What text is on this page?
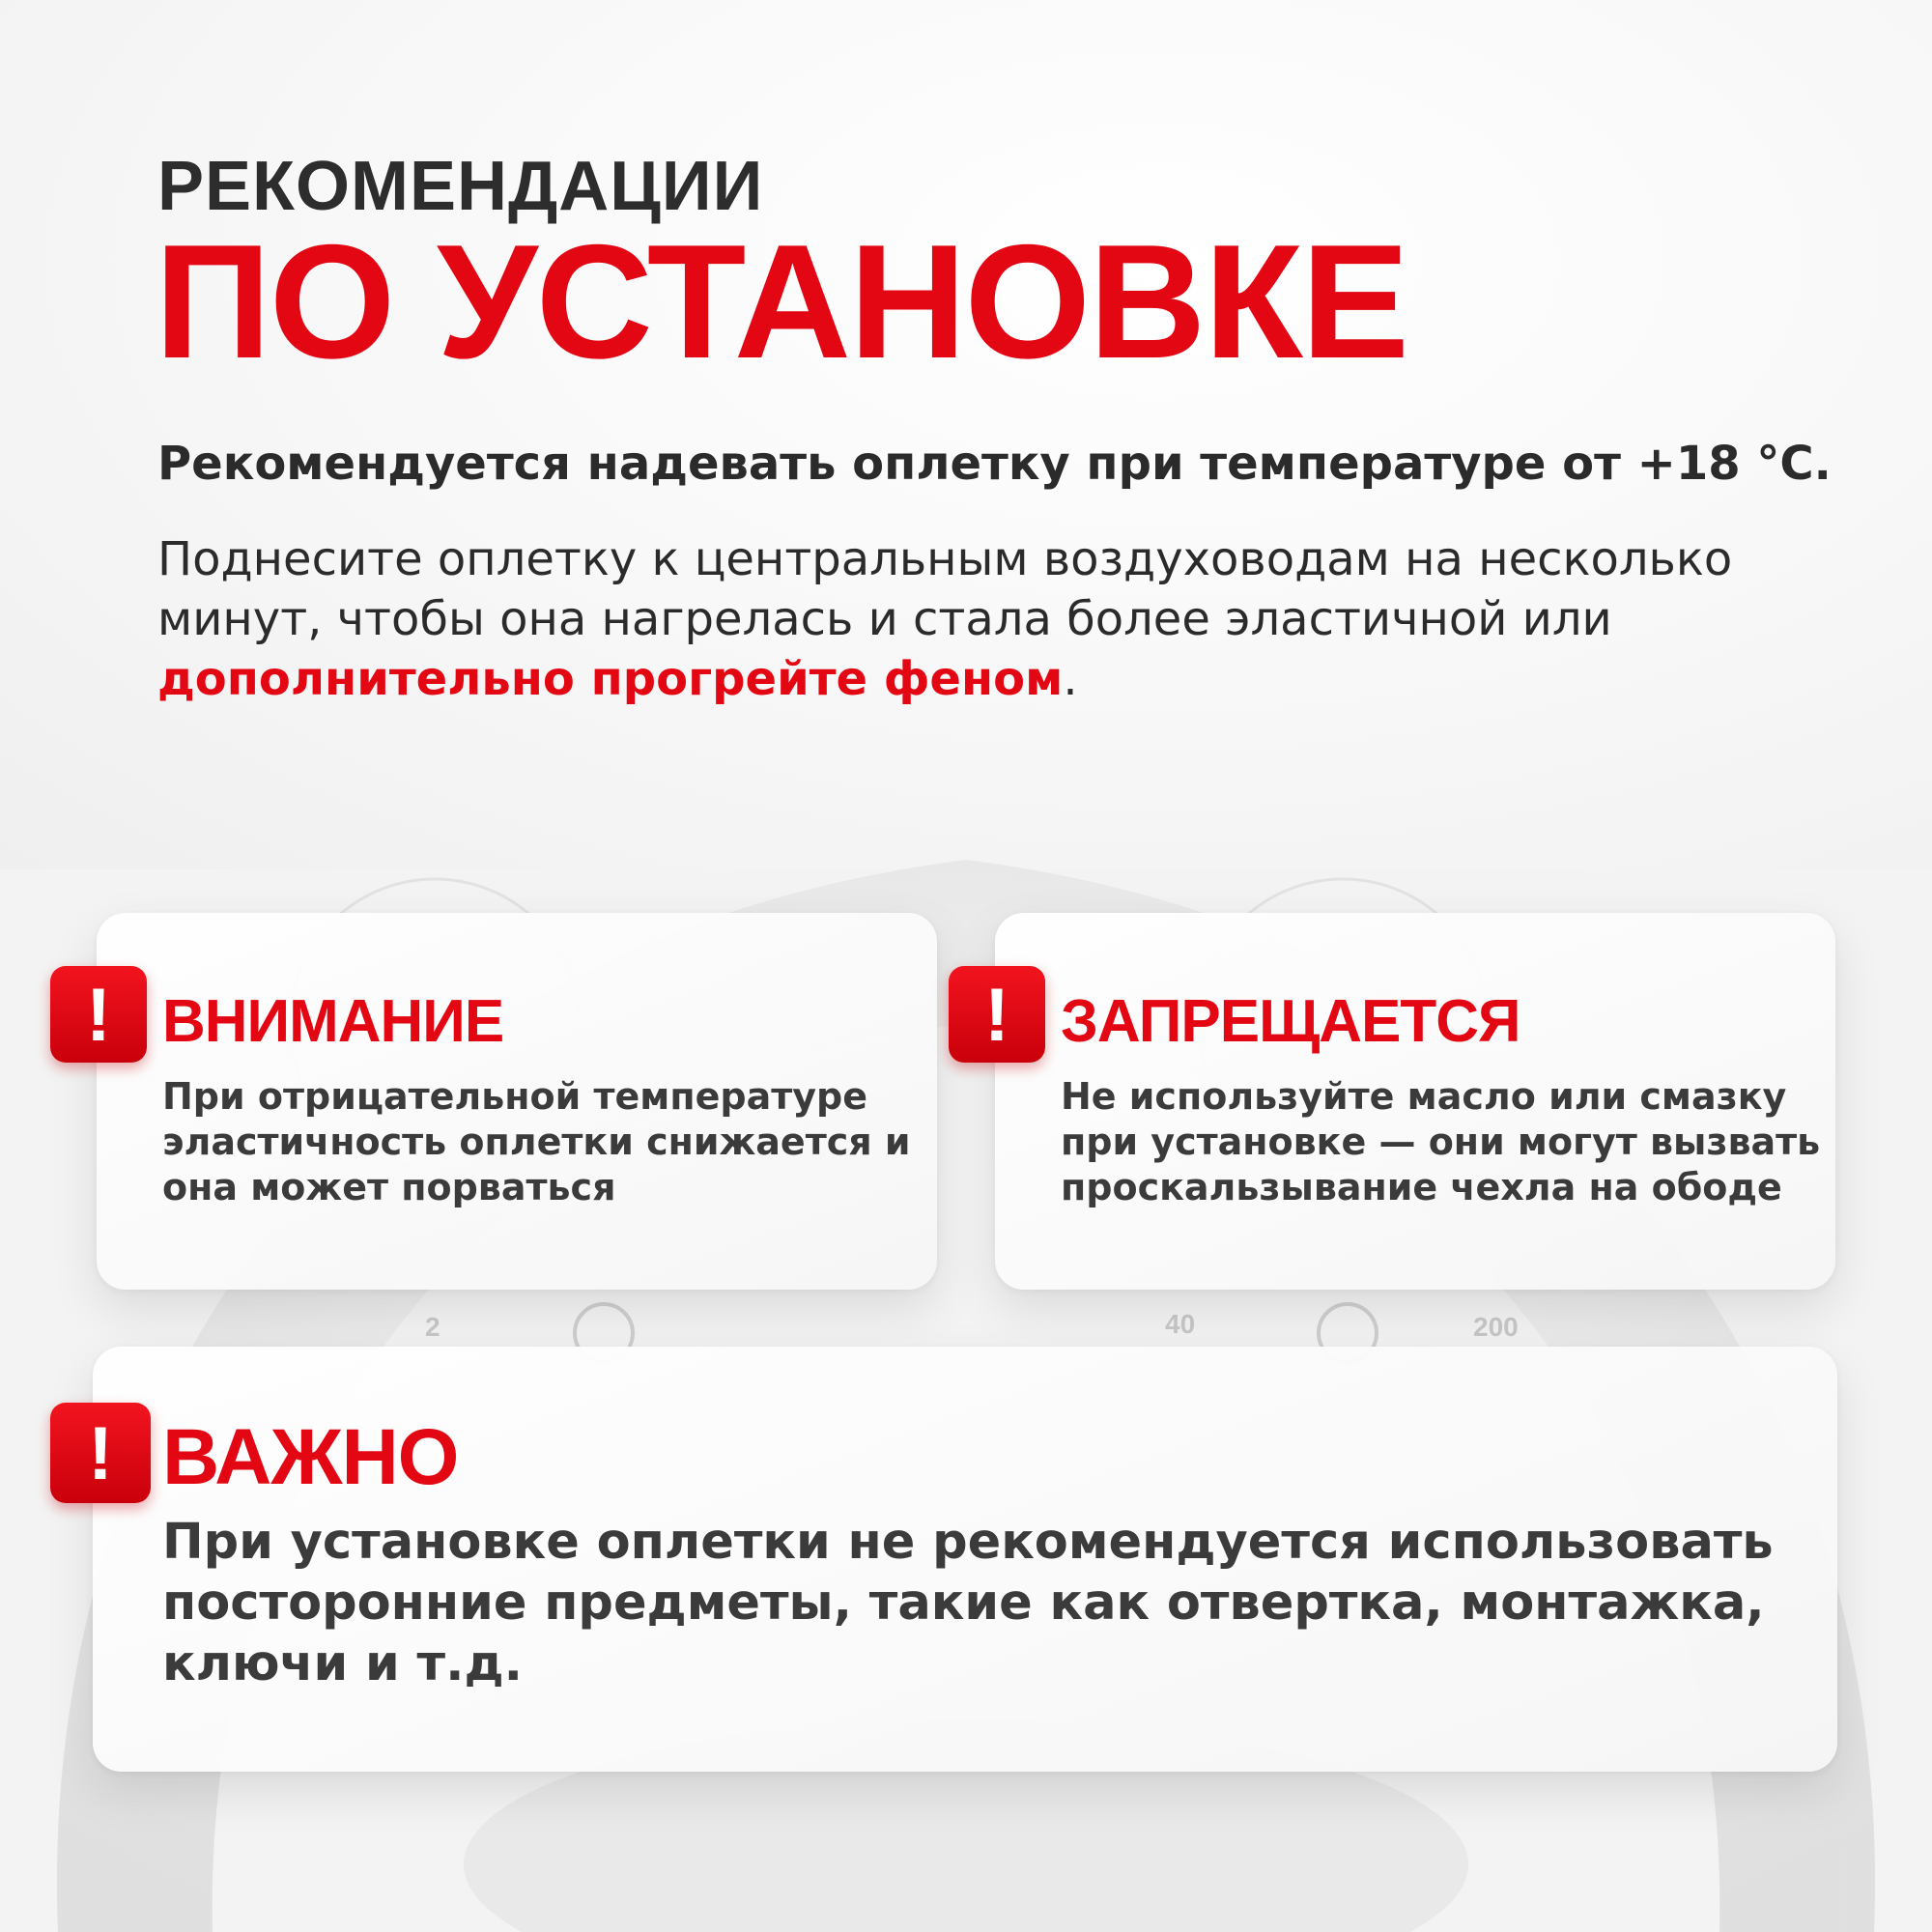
2	40	200
РЕКОМЕНДАЦИИ
ПО УСТАНОВКЕ
Рекомендуется надевать оплетку при температуре от +18 °С.
Поднесите оплетку к центральным воздуховодам на несколько минут, чтобы она нагрелась и стала более эластичной или дополнительно прогрейте феном.
! ВНИМАНИЕ
При отрицательной температуре эластичность оплетки снижается и она может порваться
! ЗАПРЕЩАЕТСЯ
Не используйте масло или смазку при установке — они могут вызвать проскальзывание чехла на ободе
! ВАЖНО
При установке оплетки не рекомендуется использовать посторонние предметы, такие как отвертка, монтажка, ключи и т.д.
